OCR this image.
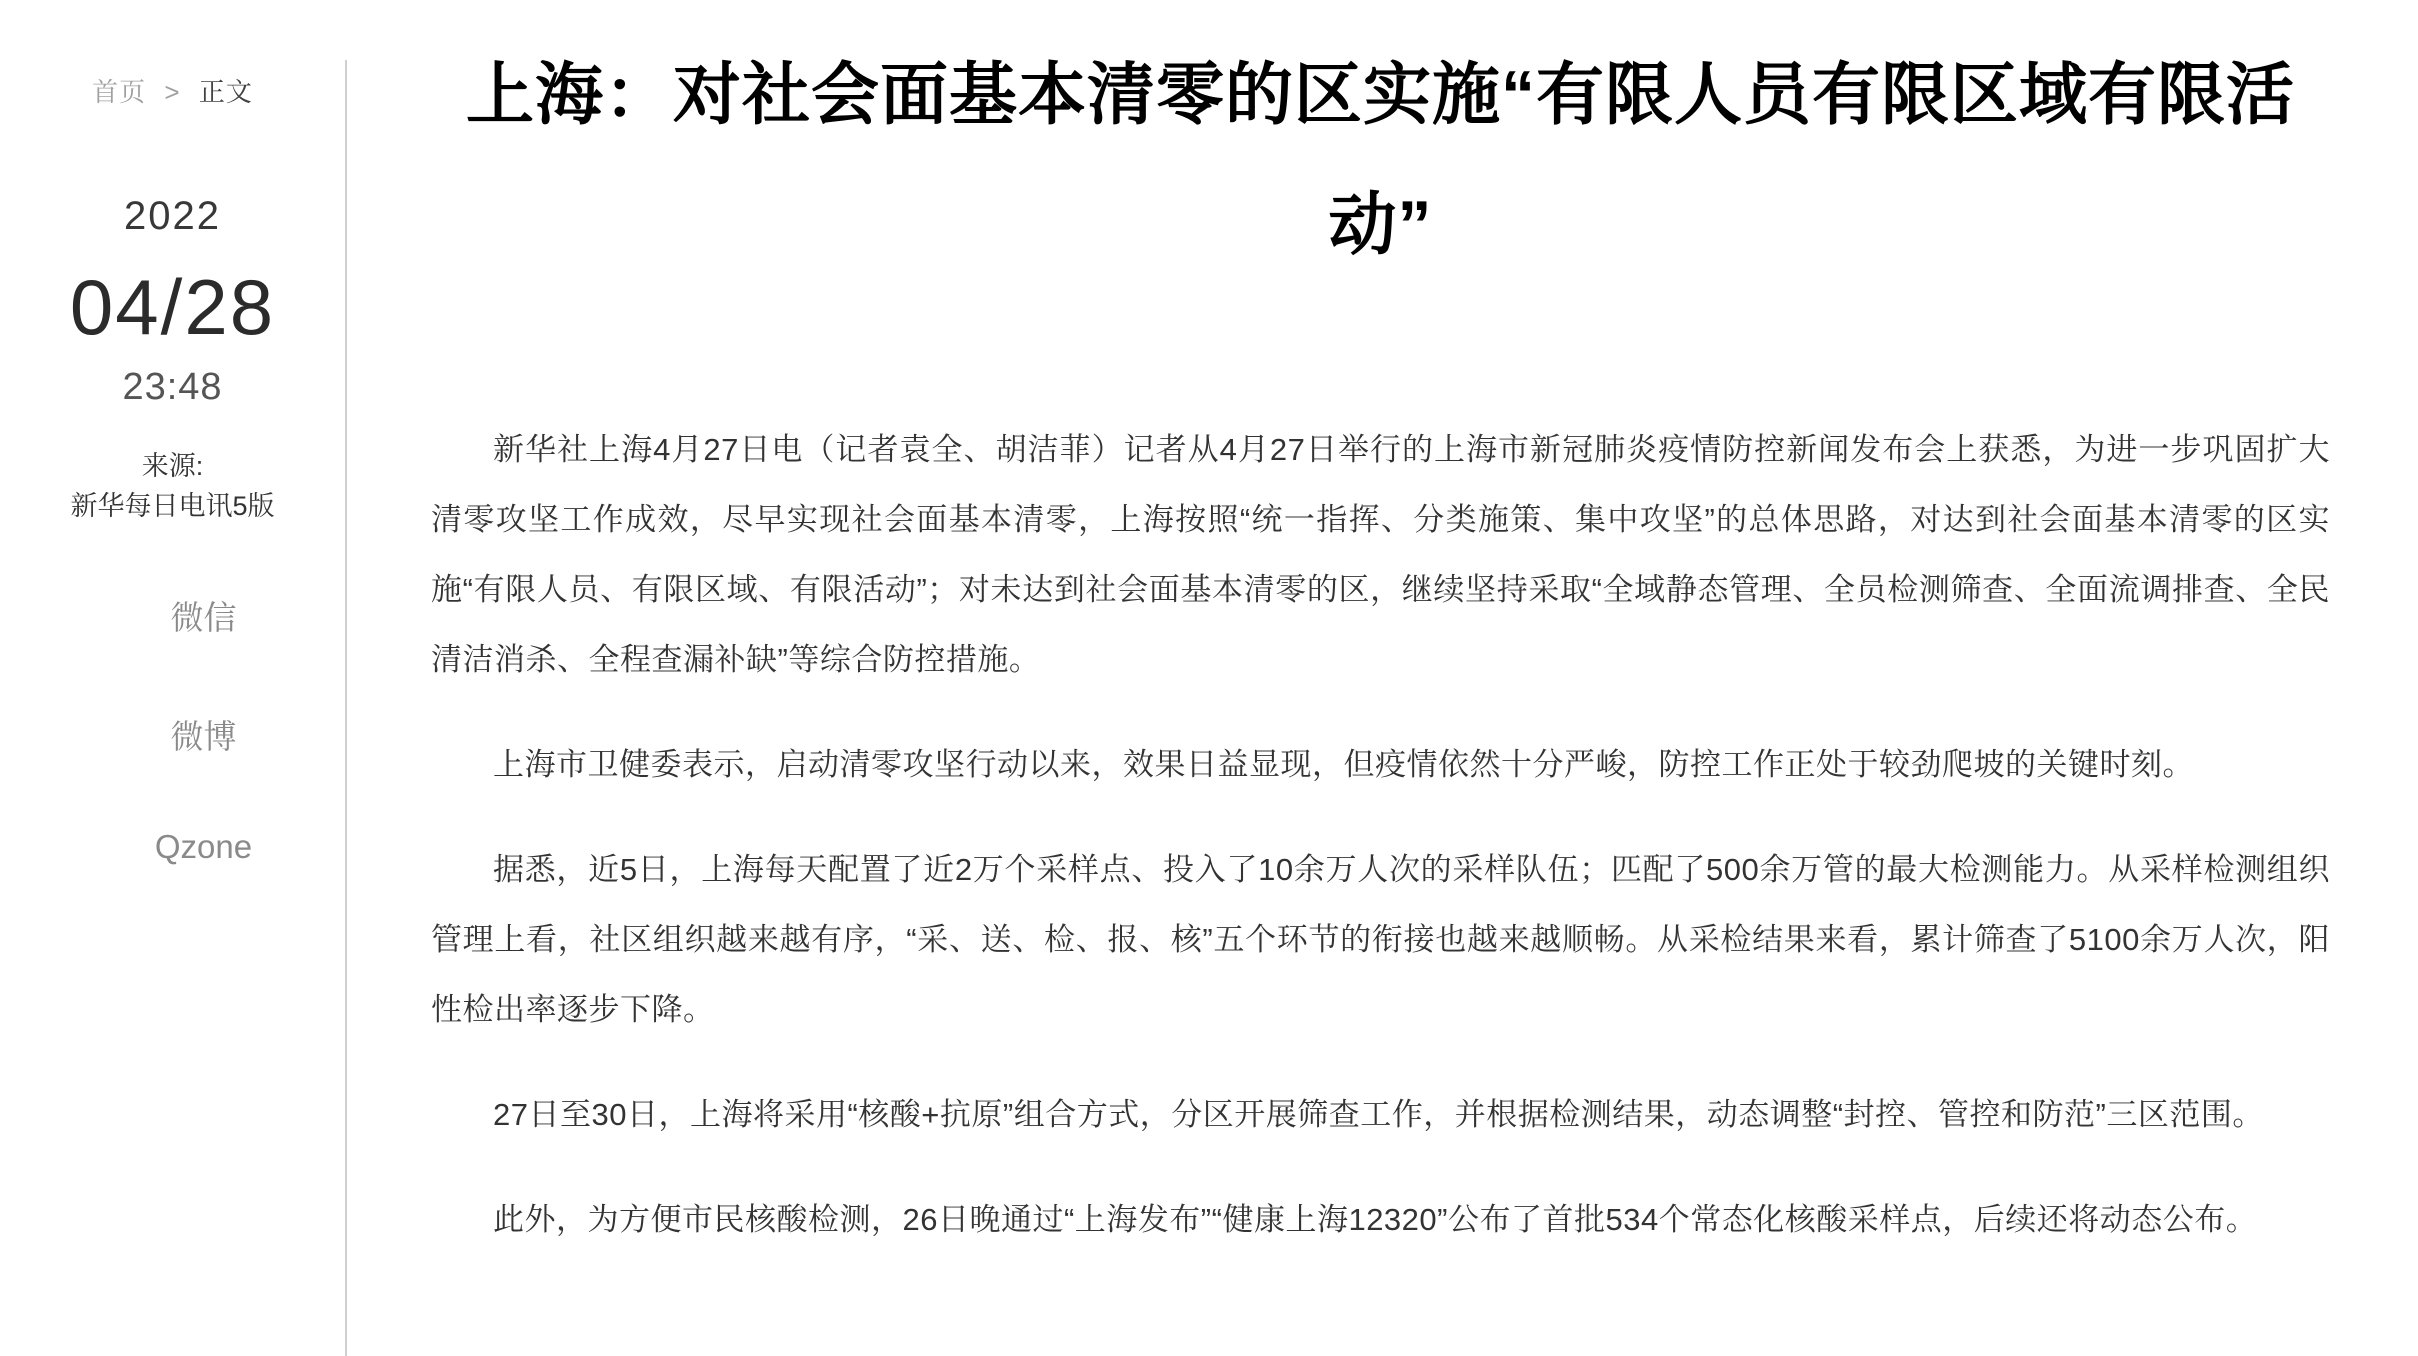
首页 > 正文
2022
04/28
23:48
来源:
新华每日电讯5版
微信
微博
Qzone
上海：对社会面基本清零的区实施“有限人员有限区域有限活动”

新华社上海4月27日电（记者袁全、胡洁菲）记者从4月27日举行的上海市新冠肺炎疫情防控新闻发布会上获悉，为进一步巩固扩大清零攻坚工作成效，尽早实现社会面基本清零，上海按照“统一指挥、分类施策、集中攻坚”的总体思路，对达到社会面基本清零的区实施“有限人员、有限区域、有限活动”；对未达到社会面基本清零的区，继续坚持采取“全域静态管理、全员检测筛查、全面流调排查、全民清洁消杀、全程查漏补缺”等综合防控措施。

上海市卫健委表示，启动清零攻坚行动以来，效果日益显现，但疫情依然十分严峻，防控工作正处于较劲爬坡的关键时刻。

据悉，近5日，上海每天配置了近2万个采样点、投入了10余万人次的采样队伍；匹配了500余万管的最大检测能力。从采样检测组织管理上看，社区组织越来越有序，“采、送、检、报、核”五个环节的衔接也越来越顺畅。从采检结果来看，累计筛查了5100余万人次，阳性检出率逐步下降。

27日至30日，上海将采用“核酸+抗原”组合方式，分区开展筛查工作，并根据检测结果，动态调整“封控、管控和防范”三区范围。

此外，为方便市民核酸检测，26日晚通过“上海发布”“健康上海12320”公布了首批534个常态化核酸采样点，后续还将动态公布。
